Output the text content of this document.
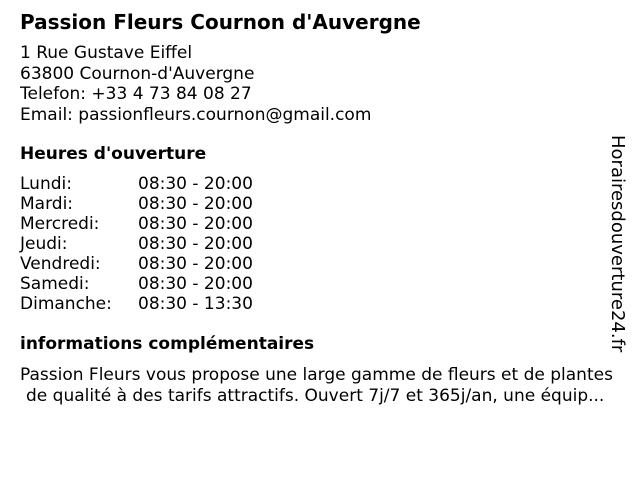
Passion Fleurs Cournon d'Auvergne
1 Rue Gustave Eiffel
63800 Cournon-d'Auvergne
Telefon: +33 4 73 84 08 27
Email: passionfleurs.cournon@gmail.com
Heures d'ouverture
Lundi:	08:30 - 20:00
Mardi:	08:30 - 20:00
Mercredi:	08:30 - 20:00
Jeudi:	08:30 - 20:00
Vendredi:	08:30 - 20:00
Samedi:	08:30 - 20:00
Dimanche:	08:30 - 13:30
informations complémentaires
Passion Fleurs vous propose une large gamme de fleurs et de plantes
de qualité à des tarifs attractifs. Ouvert 7j/7 et 365j/an, une équip...
Horairesdouverture24.fr
